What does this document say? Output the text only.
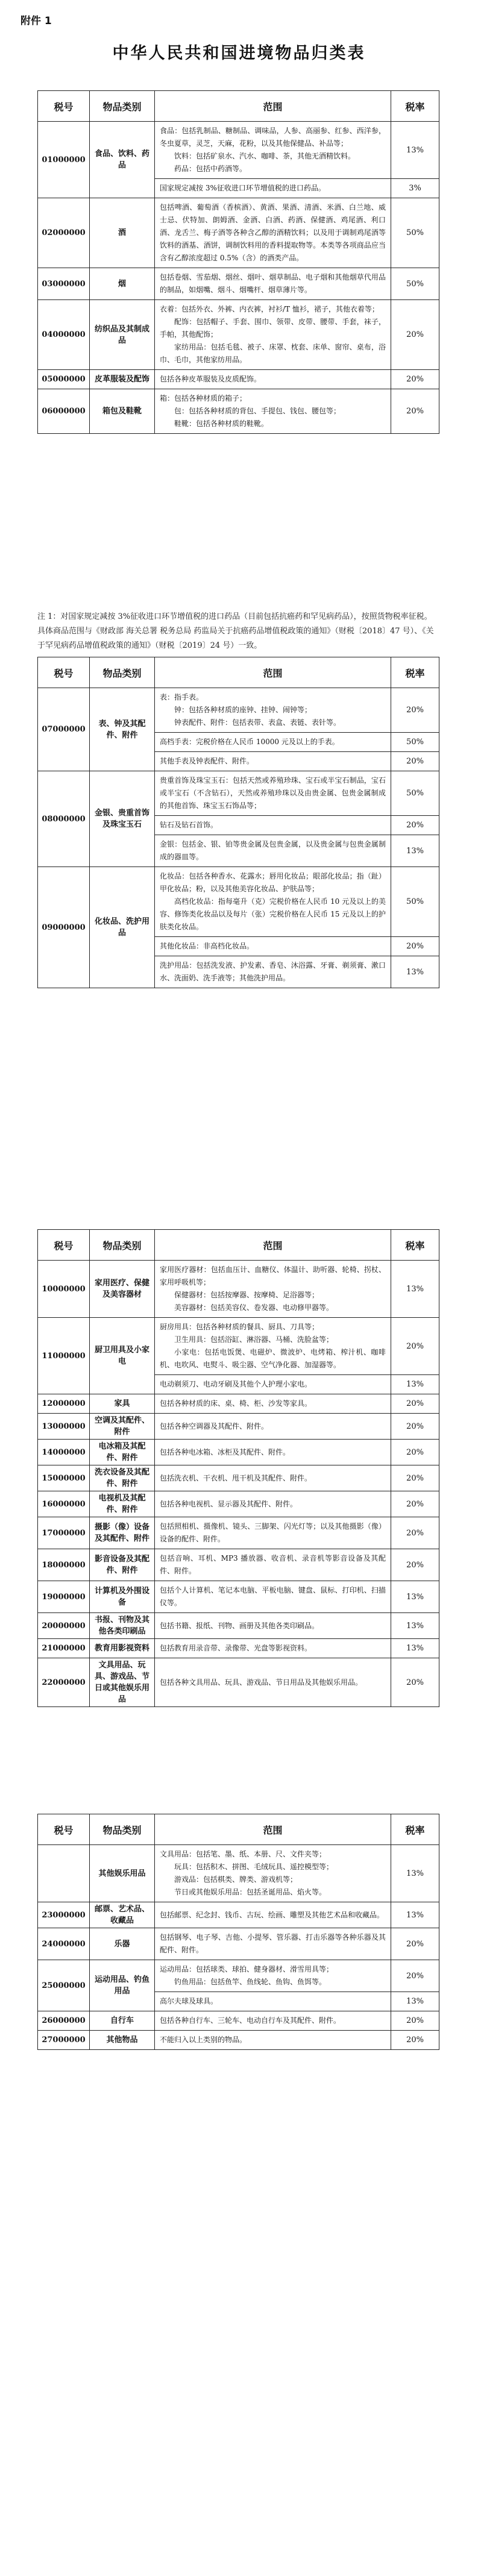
附件 1
中华人民共和国进境物品归类表
税号	物品类别	范围	税率
01000000	食品、饮料、药品	食品：包括乳制品、糖制品、调味品，人参、高丽参、红参、西洋参，冬虫夏草，灵芝，天麻，花粉，以及其他保健品、补品等；
饮料：包括矿泉水、汽水、咖啡、茶，其他无酒精饮料。
药品：包括中药酒等。	13%

		国家规定减按 3%征收进口环节增值税的进口药品。	3%
02000000	酒	包括啤酒、葡萄酒（香槟酒）、黄酒、果酒、清酒、米酒、白兰地、威士忌、伏特加、朗姆酒、金酒、白酒、药酒、保健酒、鸡尾酒、利口酒、龙舌兰、梅子酒等各种含乙醇的酒精饮料；以及用于调制鸡尾酒等饮料的酒基、酒饼，调制饮料用的香料提取物等。本类等各项商品应当含有乙醇浓度超过 0.5%（含）的酒类产品。	50%
03000000	烟	包括卷烟、雪茄烟、烟丝、烟叶、烟草制品、电子烟和其他烟草代用品的制品，如烟嘴、烟斗、烟嘴杆、烟草薄片等。	50%
04000000	纺织品及其制成品	衣着：包括外衣、外裤、内衣裤，衬衫/T 恤衫，裙子，其他衣着等；
配饰：包括帽子、手套、围巾、领带、皮带、腰带、手套，袜子，手帕，其他配饰；
家纺用品：包括毛毯、被子、床罩、枕套、床单、窗帘、桌布，浴巾、毛巾，其他家纺用品。	20%
05000000	皮革服装及配饰	包括各种皮革服装及皮质配饰。	20%
06000000	箱包及鞋靴	箱：包括各种材质的箱子；
包：包括各种材质的背包、手提包、钱包、腰包等；
鞋靴：包括各种材质的鞋靴。	20%
注 1：对国家规定减按 3%征收进口环节增值税的进口药品（目前包括抗癌药和罕见病药品），按照货物税率征税。具体商品范围与《财政部 海关总署 税务总局 药监局关于抗癌药品增值税政策的通知》（财税〔2018〕47 号）、《关于罕见病药品增值税政策的通知》（财税〔2019〕24 号）一致。
税号	物品类别	范围	税率
07000000	表、钟及其配件、附件	表：指手表。
钟：包括各种材质的座钟、挂钟、闹钟等；
钟表配件、附件：包括表带、表盒、表链、表针等。	20%

		高档手表：完税价格在人民币 10000 元及以上的手表。	50%

		其他手表及钟表配件、附件。	20%
08000000	金银、贵重首饰及珠宝玉石	贵重首饰及珠宝玉石：包括天然或养殖珍珠、宝石或半宝石制品，宝石或半宝石（不含钻石），天然或养殖珍珠以及由贵金属、包贵金属制成的其他首饰、珠宝玉石饰品等；	50%

		钻石及钻石首饰。	20%

		金银：包括金、银、铂等贵金属及包贵金属，以及贵金属与包贵金属制成的器皿等。	13%
09000000	化妆品、洗护用品	化妆品：包括各种香水、花露水；唇用化妆品；眼部化妆品；指（趾）甲化妆品；粉，以及其他美容化妆品、护肤品等；
高档化妆品：指每毫升（克）完税价格在人民币 10 元及以上的美容、修饰类化妆品以及每片（张）完税价格在人民币 15 元及以上的护肤类化妆品。	50%

		其他化妆品：非高档化妆品。	20%

		洗护用品：包括洗发液、护发素、香皂、沐浴露、牙膏、剃须膏、漱口水、洗面奶、洗手液等；其他洗护用品。	13%
税号	物品类别	范围	税率
10000000	家用医疗、保健及美容器材	家用医疗器材：包括血压计、血糖仪、体温计、助听器、轮椅、拐杖、家用呼吸机等；
保健器材：包括按摩器、按摩椅、足浴器等；
美容器材：包括美容仪、卷发器、电动修甲器等。	13%
11000000	厨卫用具及小家电	厨房用具：包括各种材质的餐具、厨具、刀具等；
卫生用具：包括浴缸、淋浴器、马桶、洗脸盆等；
小家电：包括电饭煲、电磁炉、微波炉、电烤箱、榨汁机、咖啡机、电吹风、电熨斗、吸尘器、空气净化器、加湿器等。	20%

		电动剃须刀、电动牙刷及其他个人护理小家电。	13%
12000000	家具	包括各种材质的床、桌、椅、柜、沙发等家具。	20%
13000000	空调及其配件、附件	包括各种空调器及其配件、附件。	20%
14000000	电冰箱及其配件、附件	包括各种电冰箱、冰柜及其配件、附件。	20%
15000000	洗衣设备及其配件、附件	包括洗衣机、干衣机、甩干机及其配件、附件。	20%
16000000	电视机及其配件、附件	包括各种电视机、显示器及其配件、附件。	20%
17000000	摄影（像）设备及其配件、附件	包括照相机、摄像机、镜头、三脚架、闪光灯等；以及其他摄影（像）设备的配件、附件。	20%
18000000	影音设备及其配件、附件	包括音响、耳机、MP3 播放器、收音机、录音机等影音设备及其配件、附件。	20%
19000000	计算机及外围设备	包括个人计算机、笔记本电脑、平板电脑、键盘、鼠标、打印机、扫描仪等。	13%
20000000	书报、刊物及其他各类印刷品	包括书籍、报纸、刊物、画册及其他各类印刷品。	13%
21000000	教育用影视资料	包括教育用录音带、录像带、光盘等影视资料。	13%
22000000	文具用品、玩具、游戏品、节日或其他娱乐用品	包括各种文具用品、玩具、游戏品、节日用品及其他娱乐用品。	20%
税号	物品类别	范围	税率
	其他娱乐用品	文具用品：包括笔、墨、纸、本册、尺、文件夹等；
玩具：包括积木、拼图、毛绒玩具、遥控模型等；
游戏品：包括棋类、牌类、游戏机等；
节日或其他娱乐用品：包括圣诞用品、焰火等。	13%
23000000	邮票、艺术品、收藏品	包括邮票、纪念封、钱币、古玩、绘画、雕塑及其他艺术品和收藏品。	13%
24000000	乐器	包括钢琴、电子琴、吉他、小提琴、管乐器、打击乐器等各种乐器及其配件、附件。	20%
25000000	运动用品、钓鱼用品	运动用品：包括球类、球拍、健身器材、滑雪用具等；
钓鱼用品：包括鱼竿、鱼线轮、鱼钩、鱼饵等。	20%

		高尔夫球及球具。	13%
26000000	自行车	包括各种自行车、三轮车、电动自行车及其配件、附件。	20%
27000000	其他物品	不能归入以上类别的物品。	20%
